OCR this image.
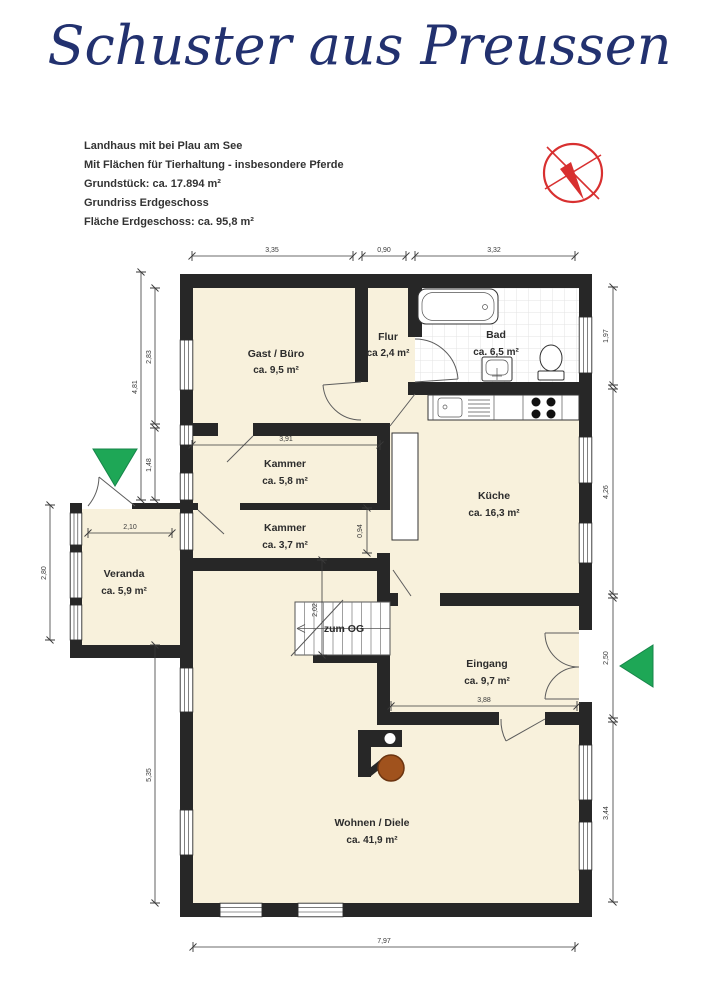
Schuster aus Preussen
Landhaus mit bei Plau am See
Mit Flächen für Tierhaltung - insbesondere Pferde
Grundstück: ca. 17.894 m²
Grundriss Erdgeschoss
Fläche Erdgeschoss: ca. 95,8 m²
3,35	0,90	3,32
7,97
4,81
2,83
1,48
5,35
2,80
2,10
1,97
4,26
2,50
3,44
3,91
0,94
2,02
3,88
Gast / Büro
ca. 9,5 m²
Flur
ca 2,4 m²
Bad
ca. 6,5 m²
Kammer
ca. 5,8 m²
Kammer
ca. 3,7 m²
Küche
ca. 16,3 m²
Veranda
ca. 5,9 m²
Eingang
ca. 9,7 m²
Wohnen / Diele
ca. 41,9 m²
zum OG
